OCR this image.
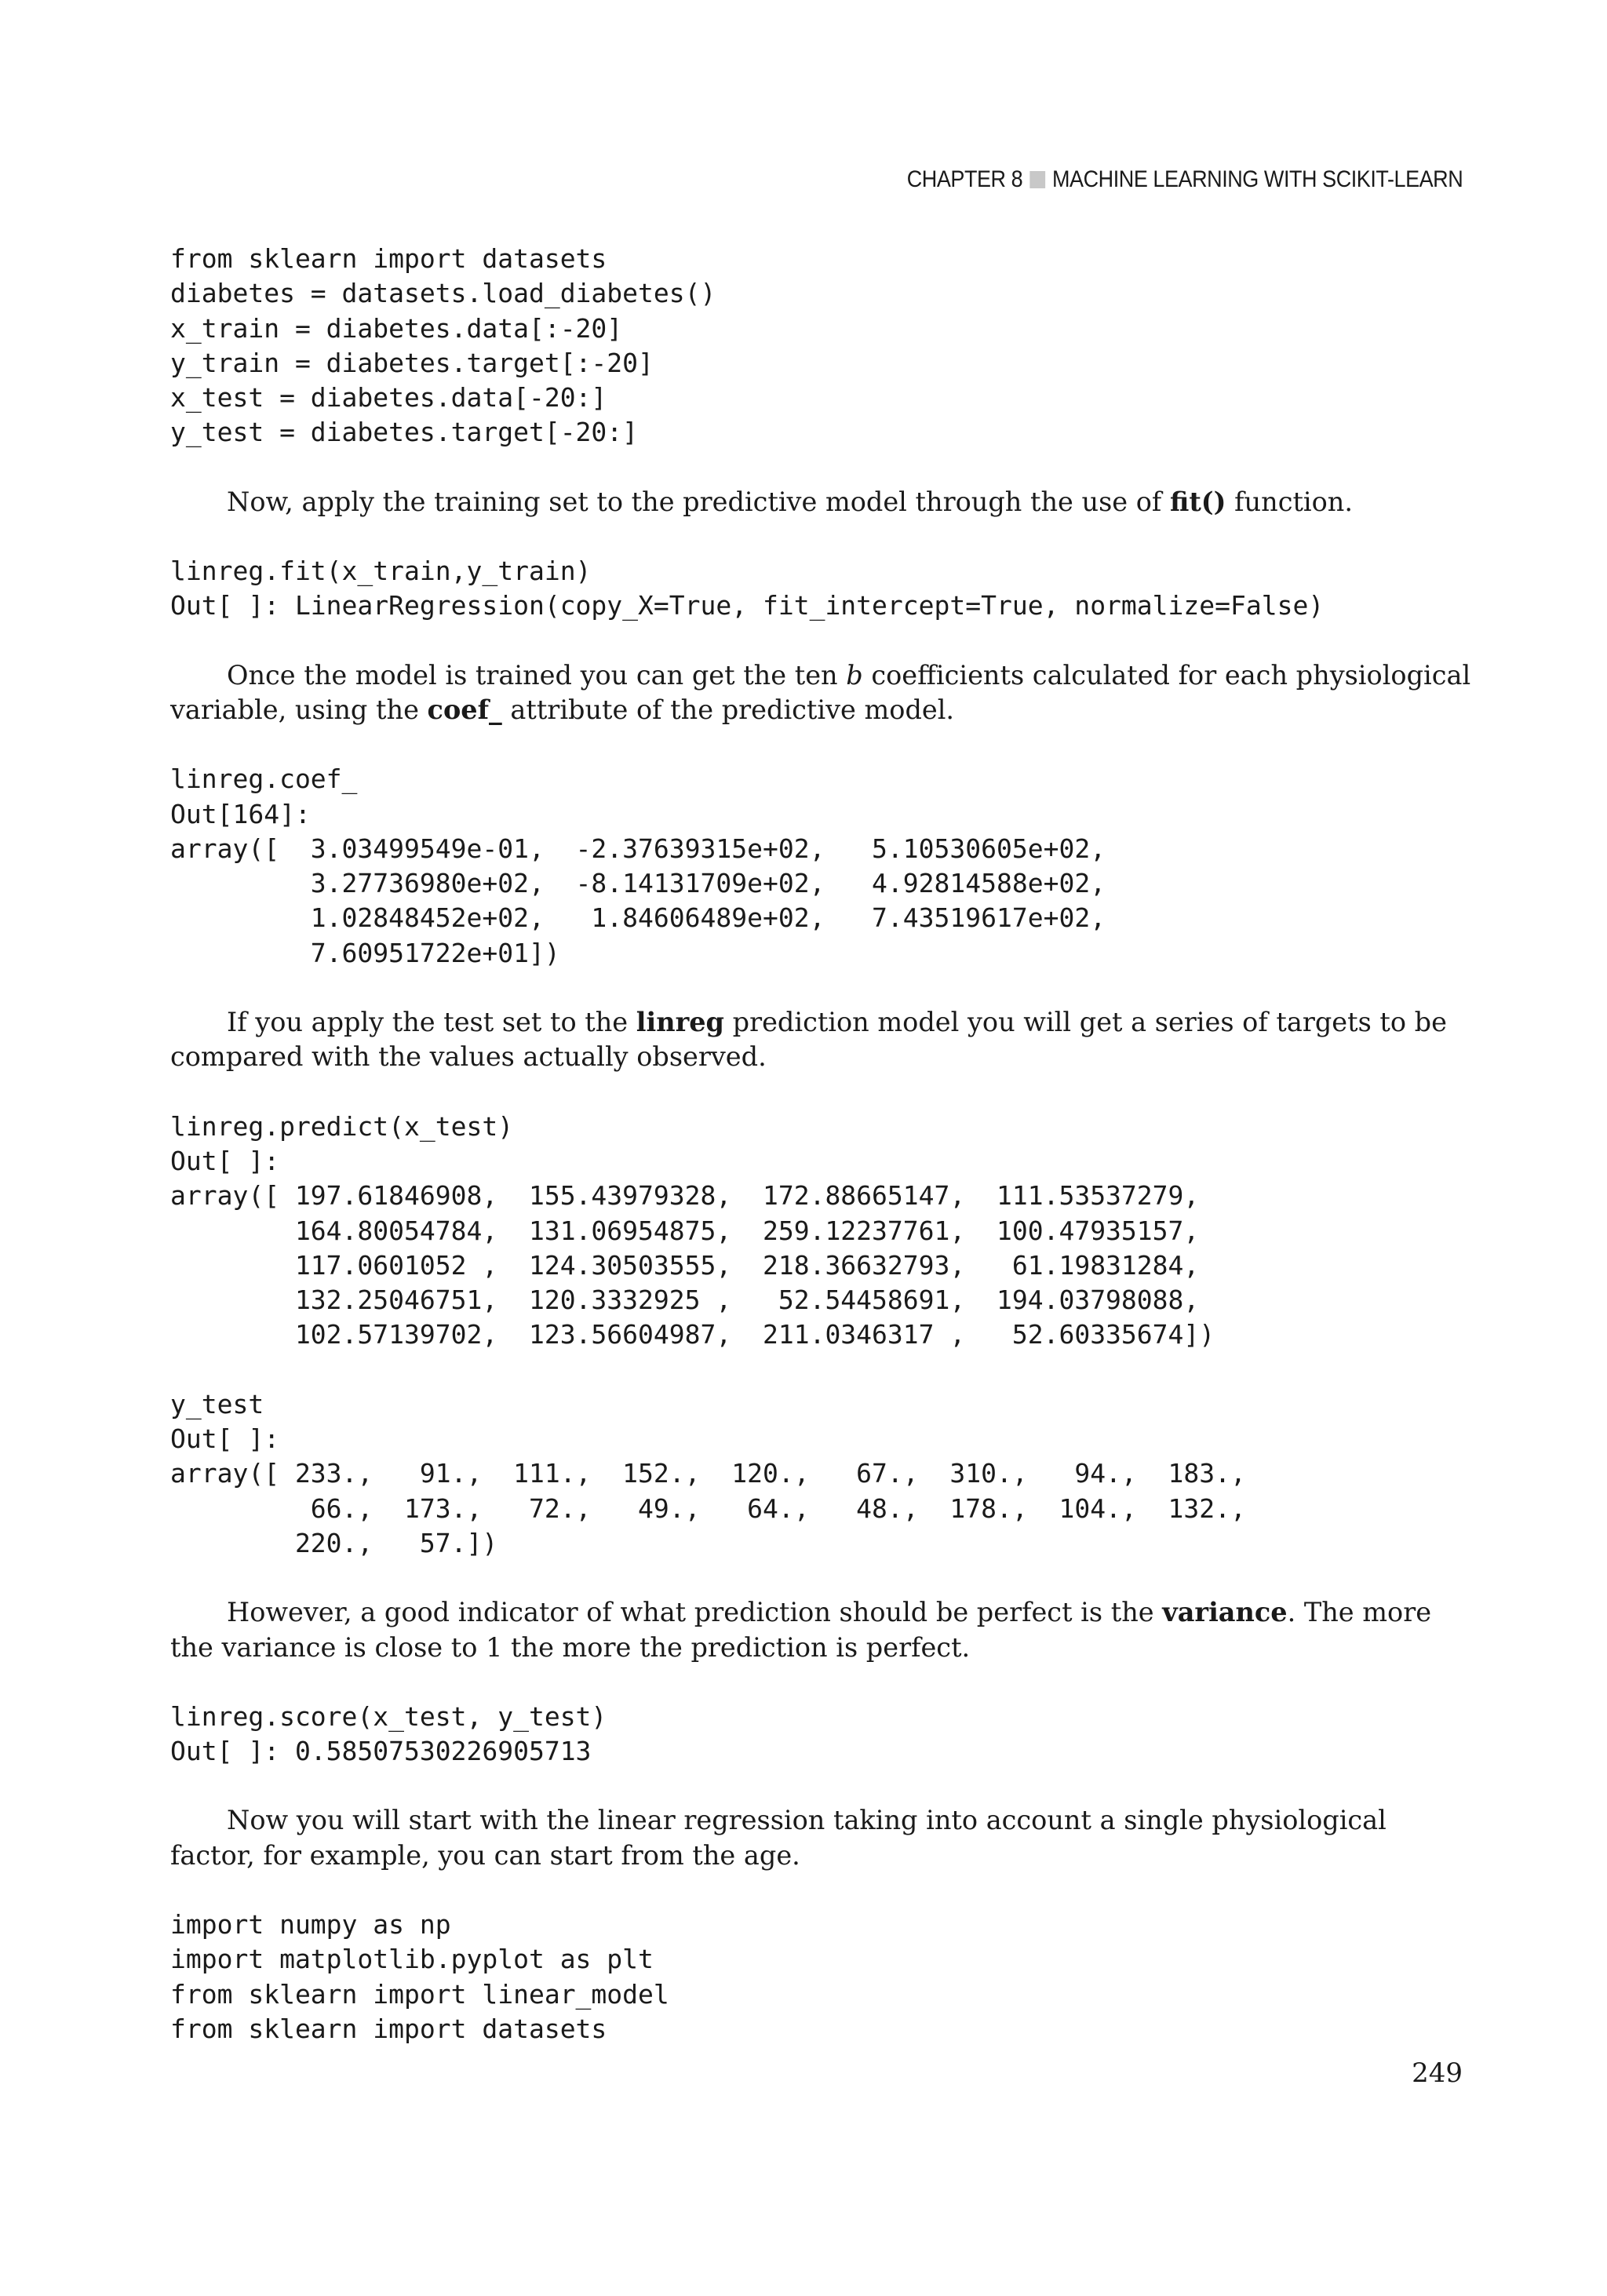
CHAPTER 8 MACHINE LEARNING WITH SCIKIT-LEARN
from sklearn import datasets
diabetes = datasets.load_diabetes()
x_train = diabetes.data[:-20]
y_train = diabetes.target[:-20]
x_test = diabetes.data[-20:]
y_test = diabetes.target[-20:]

Now, apply the training set to the predictive model through the use of fit() function.

linreg.fit(x_train,y_train)
Out[ ]: LinearRegression(copy_X=True, fit_intercept=True, normalize=False)

Once the model is trained you can get the ten b coefficients calculated for each physiological variable, using the coef_ attribute of the predictive model.

linreg.coef_
Out[164]:
array([  3.03499549e-01,  -2.37639315e+02,   5.10530605e+02,
3.27736980e+02,  -8.14131709e+02,   4.92814588e+02,
1.02848452e+02,   1.84606489e+02,   7.43519617e+02,
7.60951722e+01])

If you apply the test set to the linreg prediction model you will get a series of targets to be compared with the values actually observed.

linreg.predict(x_test)
Out[ ]:
array([ 197.61846908,  155.43979328,  172.88665147,  111.53537279,
164.80054784,  131.06954875,  259.12237761,  100.47935157,
117.0601052 ,  124.30503555,  218.36632793,   61.19831284,
132.25046751,  120.3332925 ,   52.54458691,  194.03798088,
102.57139702,  123.56604987,  211.0346317 ,   52.60335674])
y_test
Out[ ]:
array([ 233.,   91.,  111.,  152.,  120.,   67.,  310.,   94.,  183.,
66.,  173.,   72.,   49.,   64.,   48.,  178.,  104.,  132.,
220.,   57.])

However, a good indicator of what prediction should be perfect is the variance. The more the variance is close to 1 the more the prediction is perfect.

linreg.score(x_test, y_test)
Out[ ]: 0.58507530226905713

Now you will start with the linear regression taking into account a single physiological factor, for example, you can start from the age.

import numpy as np
import matplotlib.pyplot as plt
from sklearn import linear_model
from sklearn import datasets
249
